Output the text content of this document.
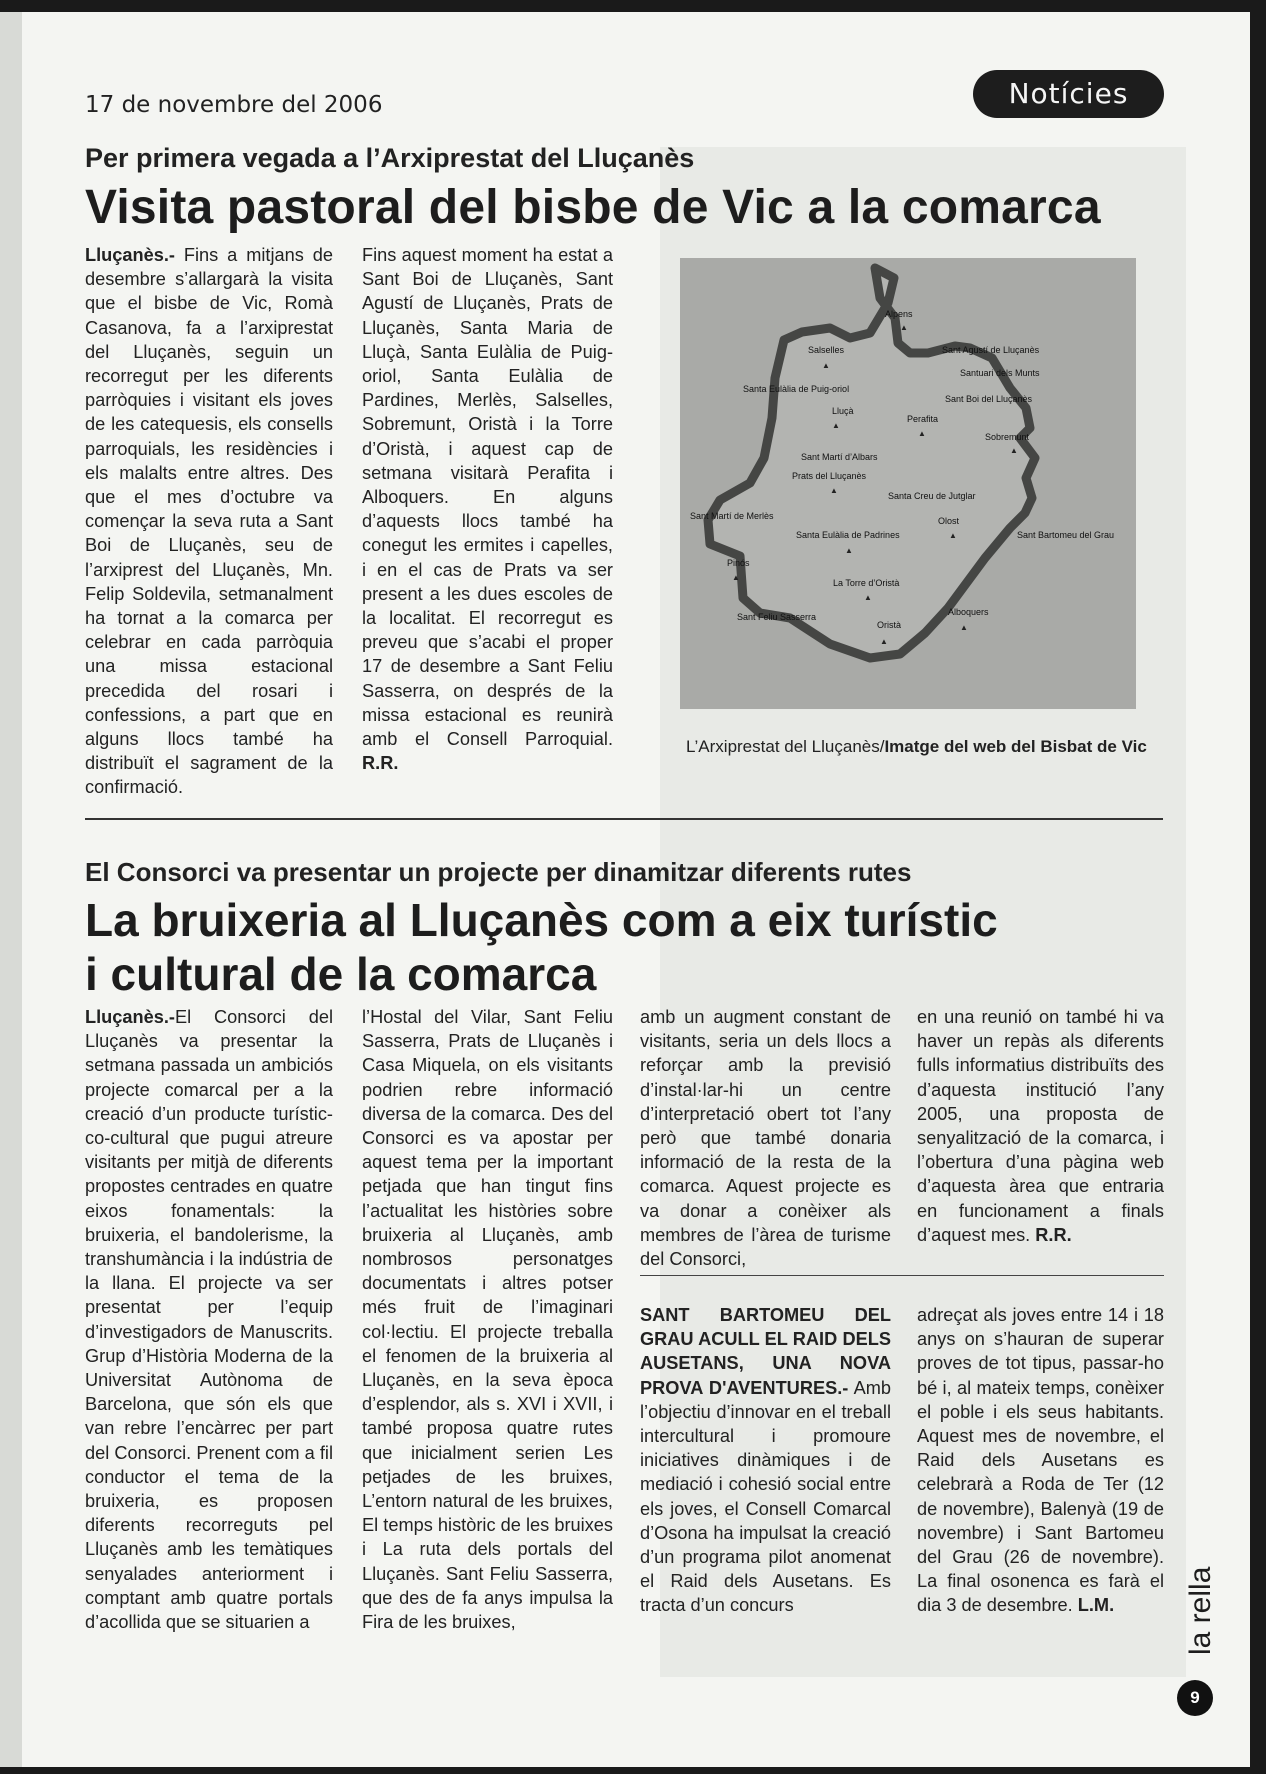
17 de novembre del 2006	Notícies
Per primera vegada a l’Arxiprestat del Lluçanès
Visita pastoral del bisbe de Vic a la comarca
Lluçanès.- Fins a mitjans de desembre s’allargarà la visita que el bisbe de Vic, Romà Casanova, fa a l’arxiprestat del Lluçanès, seguin un recorregut per les diferents parròquies i visitant els joves de les catequesis, els consells parroquials, les residències i els malalts entre altres. Des que el mes d’octubre va començar la seva ruta a Sant Boi de Lluçanès, seu de l’arxiprest del Lluçanès, Mn. Felip Soldevila, setmanalment ha tornat a la comarca per celebrar en cada parròquia una missa estacional precedida del rosari i confessions, a part que en alguns llocs també ha distribuït el sagrament de la confirmació.
Fins aquest moment ha estat a Sant Boi de Lluçanès, Sant Agustí de Lluçanès, Prats de Lluçanès, Santa Maria de Lluçà, Santa Eulàlia de Puig-oriol, Santa Eulàlia de Pardines, Merlès, Salselles, Sobremunt, Oristà i la Torre d’Oristà, i aquest cap de setmana visitarà Perafita i Alboquers. En alguns d’aquests llocs també ha conegut les ermites i capelles, i en el cas de Prats va ser present a les dues escoles de la localitat. El recorregut es preveu que s’acabi el proper 17 de desembre a Sant Feliu Sasserra, on després de la missa estacional es reunirà amb el Consell Parroquial. R.R.
Alpens
Salselles	Sant Agustí de Lluçanès
Santuari dels Munts
Santa Eulàlia de Puig-oriol
Sant Boi del Lluçanès
Lluçà
Perafita
Sobremunt
Sant Martí d’Albars
Prats del Lluçanès
Santa Creu de Jutglar
Sant Martí de Merlès	Olost
Santa Eulàlia de Padrines	Sant Bartomeu del Grau
Pinós
La Torre d’Oristà
Alboquers
Sant Feliu Sasserra
Oristà
▲
▲
▲
▲
▲
▲
▲
▲
▲
▲
▲
▲
L’Arxiprestat del Lluçanès/Imatge del web del Bisbat de Vic
El Consorci va presentar un projecte per dinamitzar diferents rutes
La bruixeria al Lluçanès com a eix turístic
i cultural de la comarca
Lluçanès.-El Consorci del Lluçanès va presentar la setmana passada un ambiciós projecte comarcal per a la creació d’un producte turístic-co-cultural que pugui atreure visitants per mitjà de diferents propostes centrades en quatre eixos fonamentals: la bruixeria, el bandolerisme, la transhumància i la indústria de la llana. El projecte va ser presentat per l’equip d’investigadors de Manuscrits. Grup d’Història Moderna de la Universitat Autònoma de Barcelona, que són els que van rebre l’encàrrec per part del Consorci. Prenent com a fil conductor el tema de la bruixeria, es proposen diferents recorreguts pel Lluçanès amb les temàtiques senyalades anteriorment i comptant amb quatre portals d’acollida que se situarien a
l’Hostal del Vilar, Sant Feliu Sasserra, Prats de Lluçanès i Casa Miquela, on els visitants podrien rebre informació diversa de la comarca. Des del Consorci es va apostar per aquest tema per la important petjada que han tingut fins l’actualitat les històries sobre bruixeria al Lluçanès, amb nombrosos personatges documentats i altres potser més fruit de l’imaginari col·lectiu. El projecte treballa el fenomen de la bruixeria al Lluçanès, en la seva època d’esplendor, als s. XVI i XVII, i també proposa quatre rutes que inicialment serien Les petjades de les bruixes, L’entorn natural de les bruixes, El temps històric de les bruixes i La ruta dels portals del Lluçanès. Sant Feliu Sasserra, que des de fa anys impulsa la Fira de les bruixes,
amb un augment constant de visitants, seria un dels llocs a reforçar amb la previsió d’instal·lar-hi un centre d’interpretació obert tot l’any però que també donaria informació de la resta de la comarca. Aquest projecte es va donar a conèixer als membres de l’àrea de turisme del Consorci,
en una reunió on també hi va haver un repàs als diferents fulls informatius distribuïts des d’aquesta institució l’any 2005, una proposta de senyalització de la comarca, i l’obertura d’una pàgina web d’aquesta àrea que entraria en funcionament a finals d’aquest mes. R.R.
SANT BARTOMEU DEL GRAU ACULL EL RAID DELS AUSETANS, UNA NOVA PROVA D'AVENTURES.- Amb l’objectiu d’innovar en el treball intercultural i promoure iniciatives dinàmiques i de mediació i cohesió social entre els joves, el Consell Comarcal d’Osona ha impulsat la creació d’un programa pilot anomenat el Raid dels Ausetans. Es tracta d’un concurs
adreçat als joves entre 14 i 18 anys on s’hauran de superar proves de tot tipus, passar-ho bé i, al mateix temps, conèixer el poble i els seus habitants. Aquest mes de novembre, el Raid dels Ausetans es celebrarà a Roda de Ter (12 de novembre), Balenyà (19 de novembre) i Sant Bartomeu del Grau (26 de novembre). La final osonenca es farà el dia 3 de desembre. L.M.	la rella
9
